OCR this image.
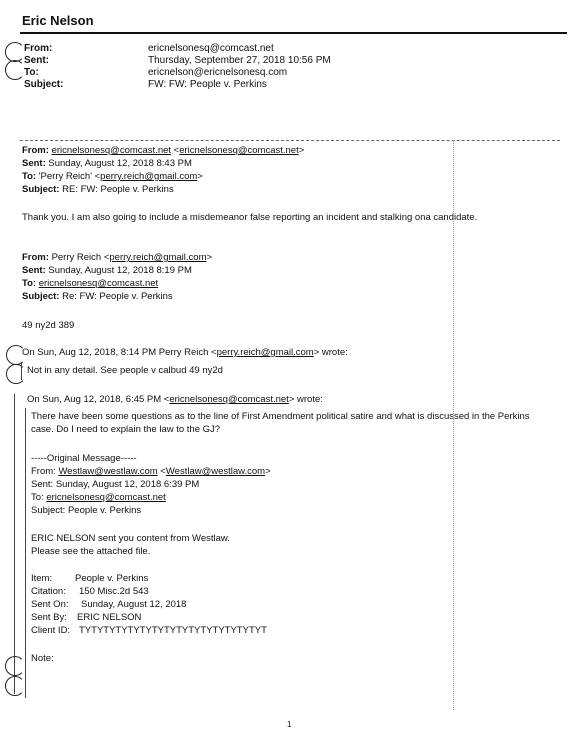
Eric Nelson
From:	ericnelsonesq@comcast.net
Sent:	Thursday, September 27, 2018 10:56 PM
To:	ericnelson@ericnelsonesq.com
Subject:	FW: FW: People v. Perkins
From: ericnelsonesq@comcast.net <ericnelsonesq@comcast.net>
Sent: Sunday, August 12, 2018 8:43 PM
To: 'Perry Reich' <perry.reich@gmail.com>
Subject: RE: FW: People v. Perkins
Thank you. I am also going to include a misdemeanor false reporting an incident and stalking ona candidate.
From: Perry Reich <perry.reich@gmail.com>
Sent: Sunday, August 12, 2018 8:19 PM
To: ericnelsonesq@comcast.net
Subject: Re: FW: People v. Perkins
49 ny2d 389
On Sun, Aug 12, 2018, 8:14 PM Perry Reich <perry.reich@gmail.com> wrote:
Not in any detail. See people v calbud 49 ny2d
On Sun, Aug 12, 2018, 6:45 PM <ericnelsonesq@comcast.net> wrote:
There have been some questions as to the line of First Amendment political satire and what is discussed in the Perkins
case. Do I need to explain the law to the GJ?
-----Original Message-----
From: Westlaw@westlaw.com <Westlaw@westlaw.com>
Sent: Sunday, August 12, 2018 6:39 PM
To: ericnelsonesq@comcast.net
Subject: People v. Perkins
ERIC NELSON sent you content from Westlaw.
Please see the attached file.
Item: People v. Perkins
Citation: 150 Misc.2d 543
Sent On: Sunday, August 12, 2018
Sent By: ERIC NELSON
Client ID: TYTYTYTYTYTYTYTYTYTYTYTYTYTYTYT
Note:
1
